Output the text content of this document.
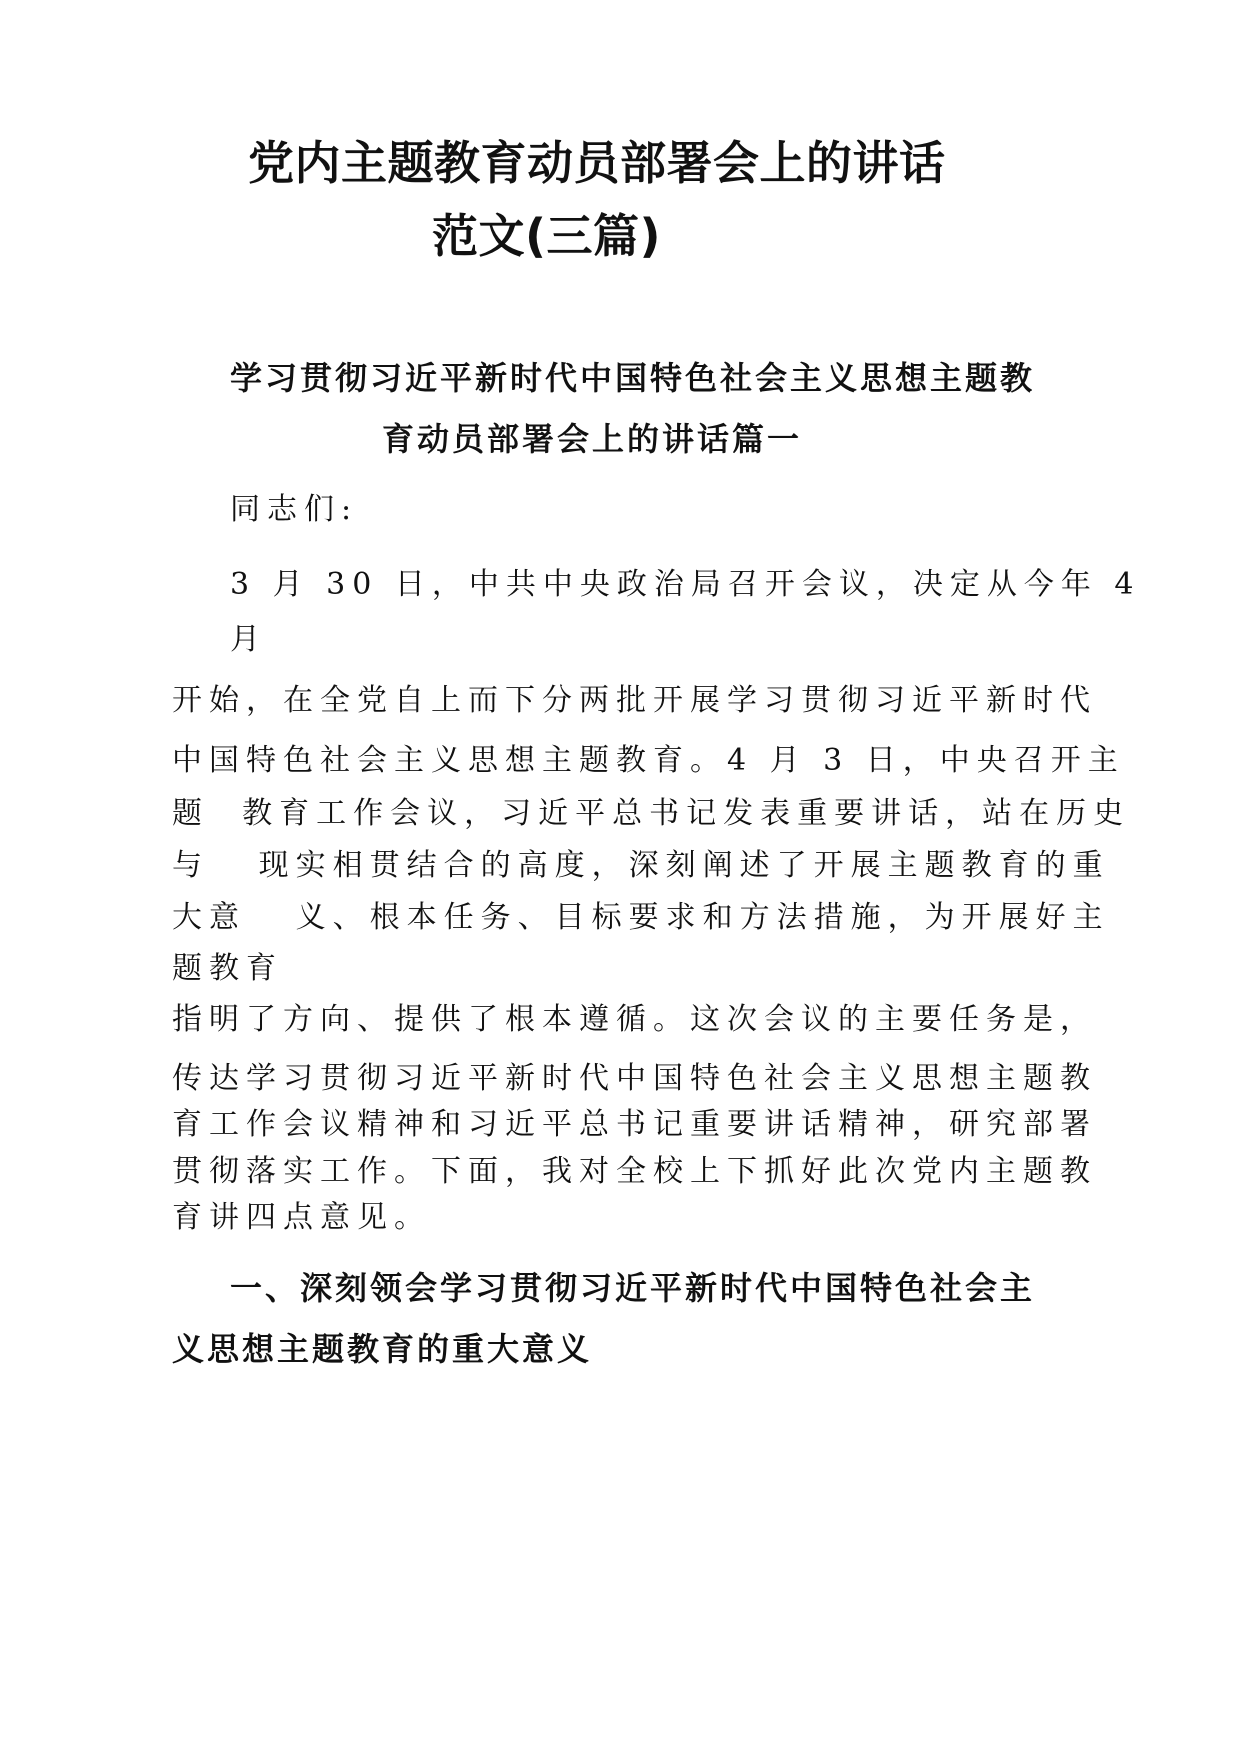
党内主题教育动员部署会上的讲话
范文(三篇)
学习贯彻习近平新时代中国特色社会主义思想主题教
育动员部署会上的讲话篇一
同志们:
3 月 30 日，中共中央政治局召开会议，决定从今年 4
月
开始，在全党自上而下分两批开展学习贯彻习近平新时代
中国特色社会主义思想主题教育。4 月 3 日，中央召开主
题  教育工作会议，习近平总书记发表重要讲话，站在历史
与   现实相贯结合的高度，深刻阐述了开展主题教育的重
大意   义、根本任务、目标要求和方法措施，为开展好主
题教育
指明了方向、提供了根本遵循。这次会议的主要任务是，
传达学习贯彻习近平新时代中国特色社会主义思想主题教
育工作会议精神和习近平总书记重要讲话精神，研究部署
贯彻落实工作。下面，我对全校上下抓好此次党内主题教
育讲四点意见。
一、深刻领会学习贯彻习近平新时代中国特色社会主
义思想主题教育的重大意义
